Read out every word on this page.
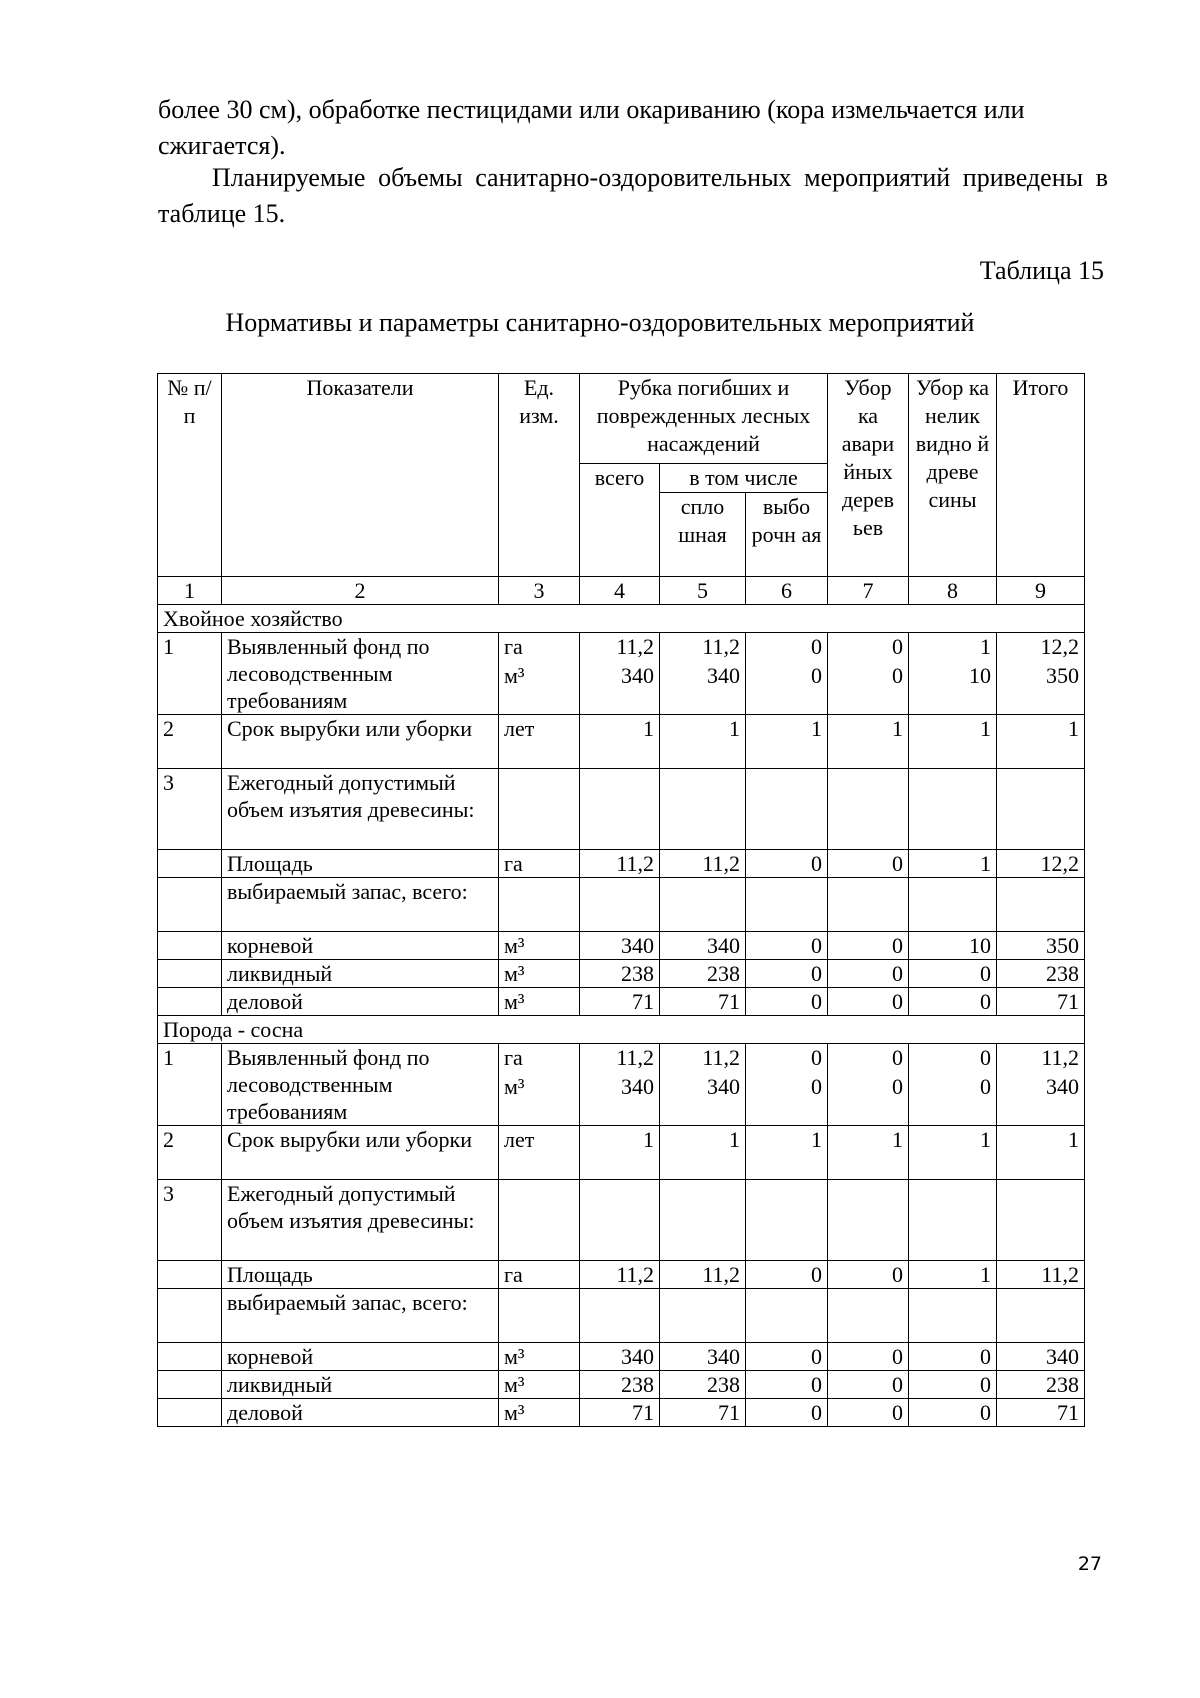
более 30 см), обработке пестицидами или окариванию (кора измельчается или сжигается).

Планируемые объемы санитарно-оздоровительных мероприятий приведены в таблице 15.

Таблица 15

Нормативы и параметры санитарно-оздоровительных мероприятий

№ п/п	Показатели	Ед. изм.	Рубка погибших и поврежденных лесных насаждений			Убор ка авари йных дерев ьев	Убор ка нелик видно й древе сины	Итого
			всего	в том числе				
				спло шная	выбо рочн ая			
1	2	3	4	5	6	7	8	9
Хвойное хозяйство								
1	Выявленный фонд по лесоводственным требованиям	га	11,2	11,2	0	0	1	12,2
		м³	340	340	0	0	10	350

2	Срок вырубки или уборки	лет	1	1	1	1	1	1
3	Ежегодный допустимый объем изъятия древесины:							
	Площадь	га	11,2	11,2	0	0	1	12,2
	выбираемый запас, всего:							
	корневой	м³	340	340	0	0	10	350
	ликвидный	м³	238	238	0	0	0	238
	деловой	м³	71	71	0	0	0	71
Порода - сосна								
1	Выявленный фонд по лесоводственным требованиям	га	11,2	11,2	0	0	0	11,2
		м³	340	340	0	0	0	340

2	Срок вырубки или уборки	лет	1	1	1	1	1	1
3	Ежегодный допустимый объем изъятия древесины:							
	Площадь	га	11,2	11,2	0	0	1	11,2
	выбираемый запас, всего:							
	корневой	м³	340	340	0	0	0	340
	ликвидный	м³	238	238	0	0	0	238
	деловой	м³	71	71	0	0	0	71

27
